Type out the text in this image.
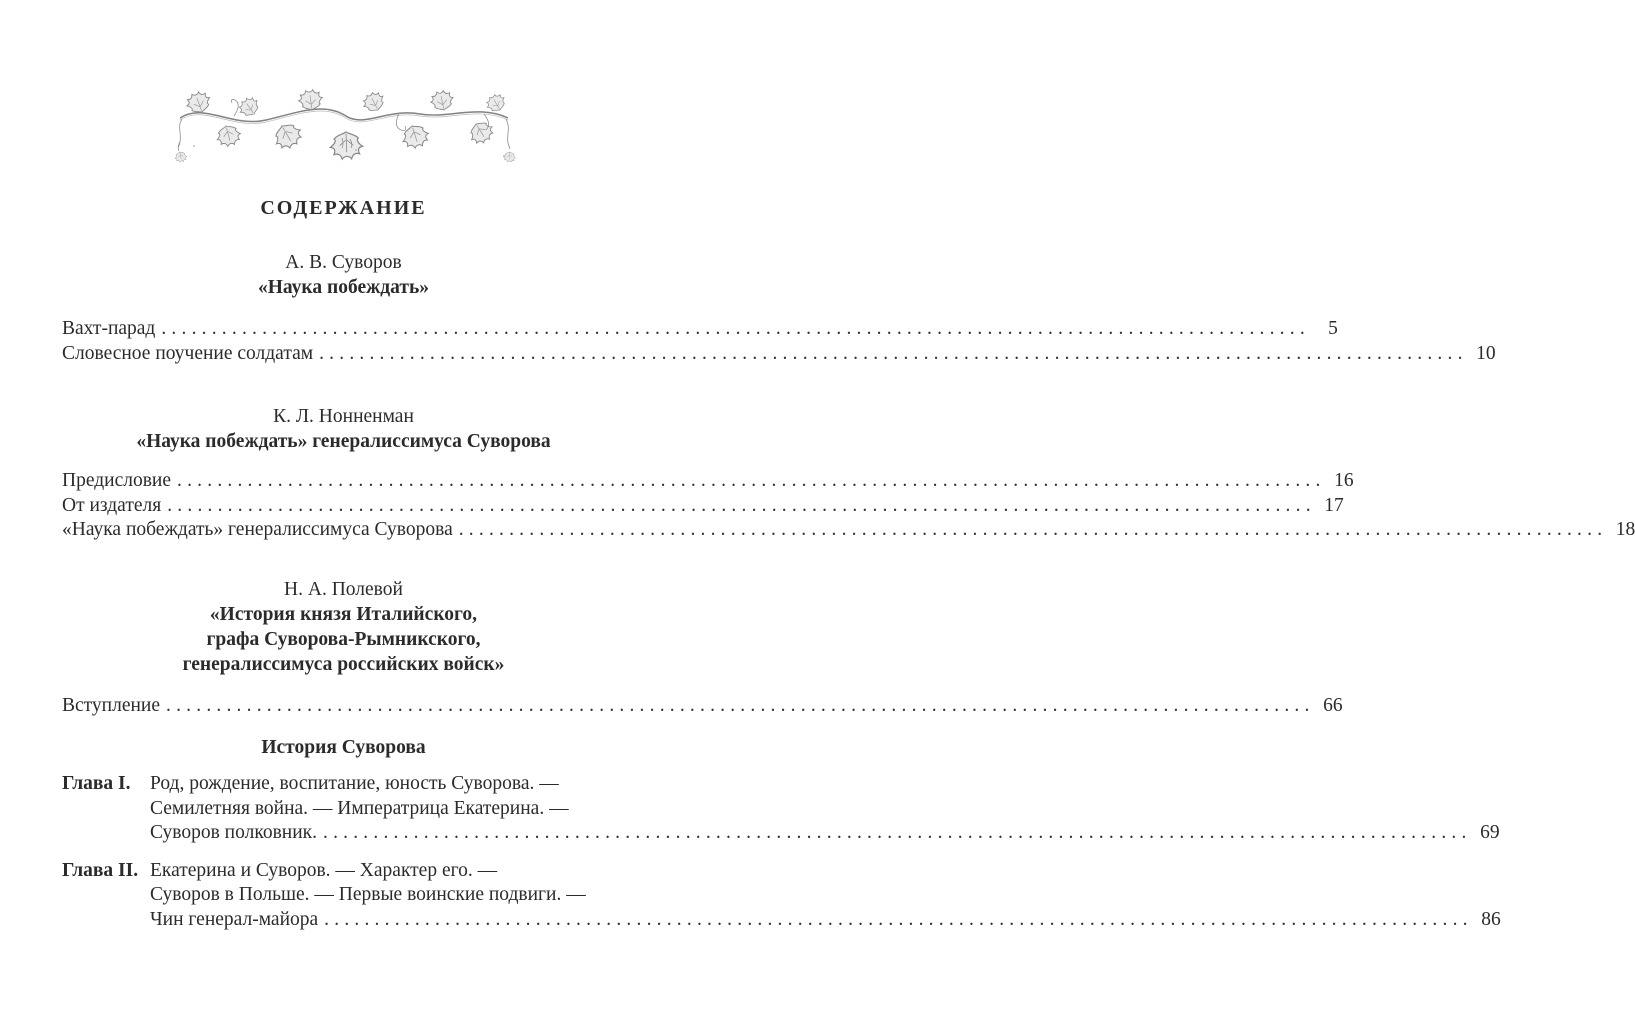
СОДЕРЖАНИЕ
А. В. Суворов
«Наука побеждать»
Вахт-парад .....	5
Словесное поучение солдатам .....	10
К. Л. Нонненман
«Наука побеждать» генералиссимуса Суворова
Предисловие .....	16
От издателя .....	17
«Наука побеждать» генералиссимуса Суворова .....	18
Н. А. Полевой
«История князя Италийского,
графа Суворова-Рымникского,
генералиссимуса российских войск»
Вступление .....	66
История Суворова
Глава I. Род, рождение, воспитание, юность Суворова. —
Семилетняя война. — Императрица Екатерина. —
Суворов полковник. .....	69
Глава II. Екатерина и Суворов. — Характер его. —
Суворов в Польше. — Первые воинские подвиги. —
Чин генерал-майора .....	86
